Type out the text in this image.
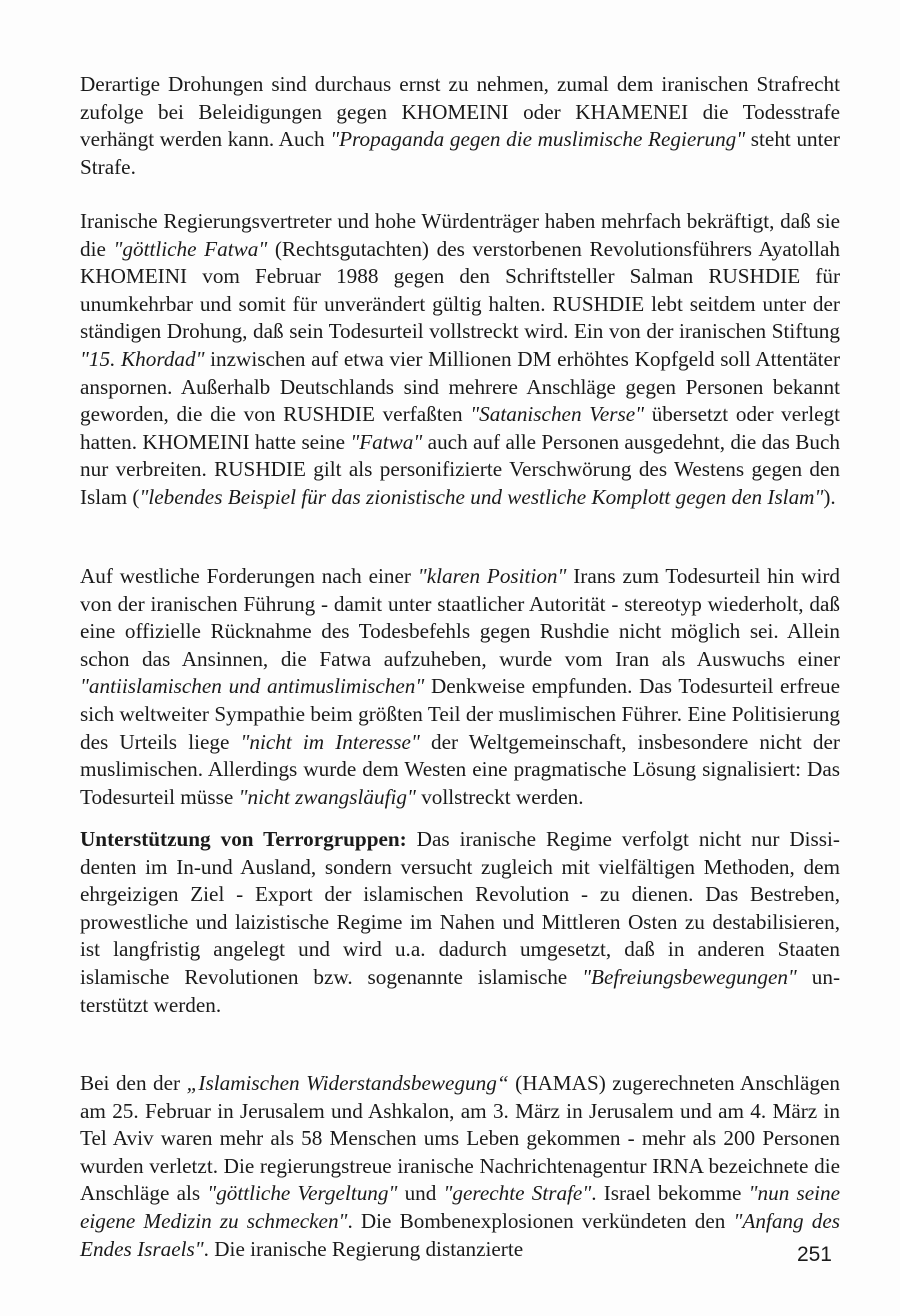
Derartige Drohungen sind durchaus ernst zu nehmen, zumal dem iranischen Strafrecht zufolge bei Beleidigungen gegen KHOMEINI oder KHAMENEI die Todesstrafe verhängt werden kann. Auch "Propaganda gegen die muslimische Regierung" steht unter Strafe.

Iranische Regierungsvertreter und hohe Würdenträger haben mehrfach bekräftigt, daß sie die "göttliche Fatwa" (Rechtsgutachten) des verstorbenen Revolutionsführers Ayatollah KHOMEINI vom Februar 1988 gegen den Schriftsteller Salman RUSHDIE für unumkehrbar und somit für unverändert gültig halten. RUSHDIE lebt seitdem unter der ständigen Drohung, daß sein Todesurteil vollstreckt wird. Ein von der iranischen Stiftung "15. Khordad" inzwischen auf etwa vier Millionen DM erhöhtes Kopfgeld soll Attentäter anspornen. Außerhalb Deutschlands sind mehrere Anschläge gegen Personen bekannt geworden, die die von RUSHDIE verfaßten "Satanischen Verse" übersetzt oder verlegt hatten. KHOMEINI hatte seine "Fatwa" auch auf alle Personen ausgedehnt, die das Buch nur verbreiten. RUSHDIE gilt als personifizierte Verschwörung des Westens gegen den Islam ("lebendes Beispiel für das zionistische und westliche Komplott gegen den Islam").

Auf westliche Forderungen nach einer "klaren Position" Irans zum Todesurteil hin wird von der iranischen Führung - damit unter staatlicher Autorität - stereotyp wiederholt, daß eine offizielle Rücknahme des Todesbefehls gegen Rushdie nicht möglich sei. Allein schon das Ansinnen, die Fatwa aufzuheben, wurde vom Iran als Auswuchs einer "antiislamischen und antimuslimischen" Denkweise empfunden. Das Todesurteil erfreue sich weltweiter Sympathie beim größten Teil der muslimischen Führer. Eine Politisierung des Urteils liege "nicht im Interesse" der Weltgemeinschaft, insbesondere nicht der muslimischen. Allerdings wurde dem Westen eine pragmatische Lösung signalisiert: Das Todesurteil müsse "nicht zwangsläufig" vollstreckt werden.

Unterstützung von Terrorgruppen: Das iranische Regime verfolgt nicht nur Dissidenten im In-und Ausland, sondern versucht zugleich mit vielfältigen Methoden, dem ehrgeizigen Ziel - Export der islamischen Revolution - zu dienen. Das Bestreben, prowestliche und laizistische Regime im Nahen und Mittleren Osten zu destabilisieren, ist langfristig angelegt und wird u.a. dadurch umgesetzt, daß in anderen Staaten islamische Revolutionen bzw. sogenannte islamische "Befreiungsbewegungen" unterstützt werden.

Bei den der „Islamischen Widerstandsbewegung“ (HAMAS) zugerechneten Anschlägen am 25. Februar in Jerusalem und Ashkalon, am 3. März in Jerusalem und am 4. März in Tel Aviv waren mehr als 58 Menschen ums Leben gekommen - mehr als 200 Personen wurden verletzt. Die regierungstreue iranische Nachrichtenagentur IRNA bezeichnete die Anschläge als "göttliche Vergeltung" und "gerechte Strafe". Israel bekomme "nun seine eigene Medizin zu schmecken". Die Bombenexplosionen verkündeten den "Anfang des Endes Israels". Die iranische Regierung distanzierte	251
